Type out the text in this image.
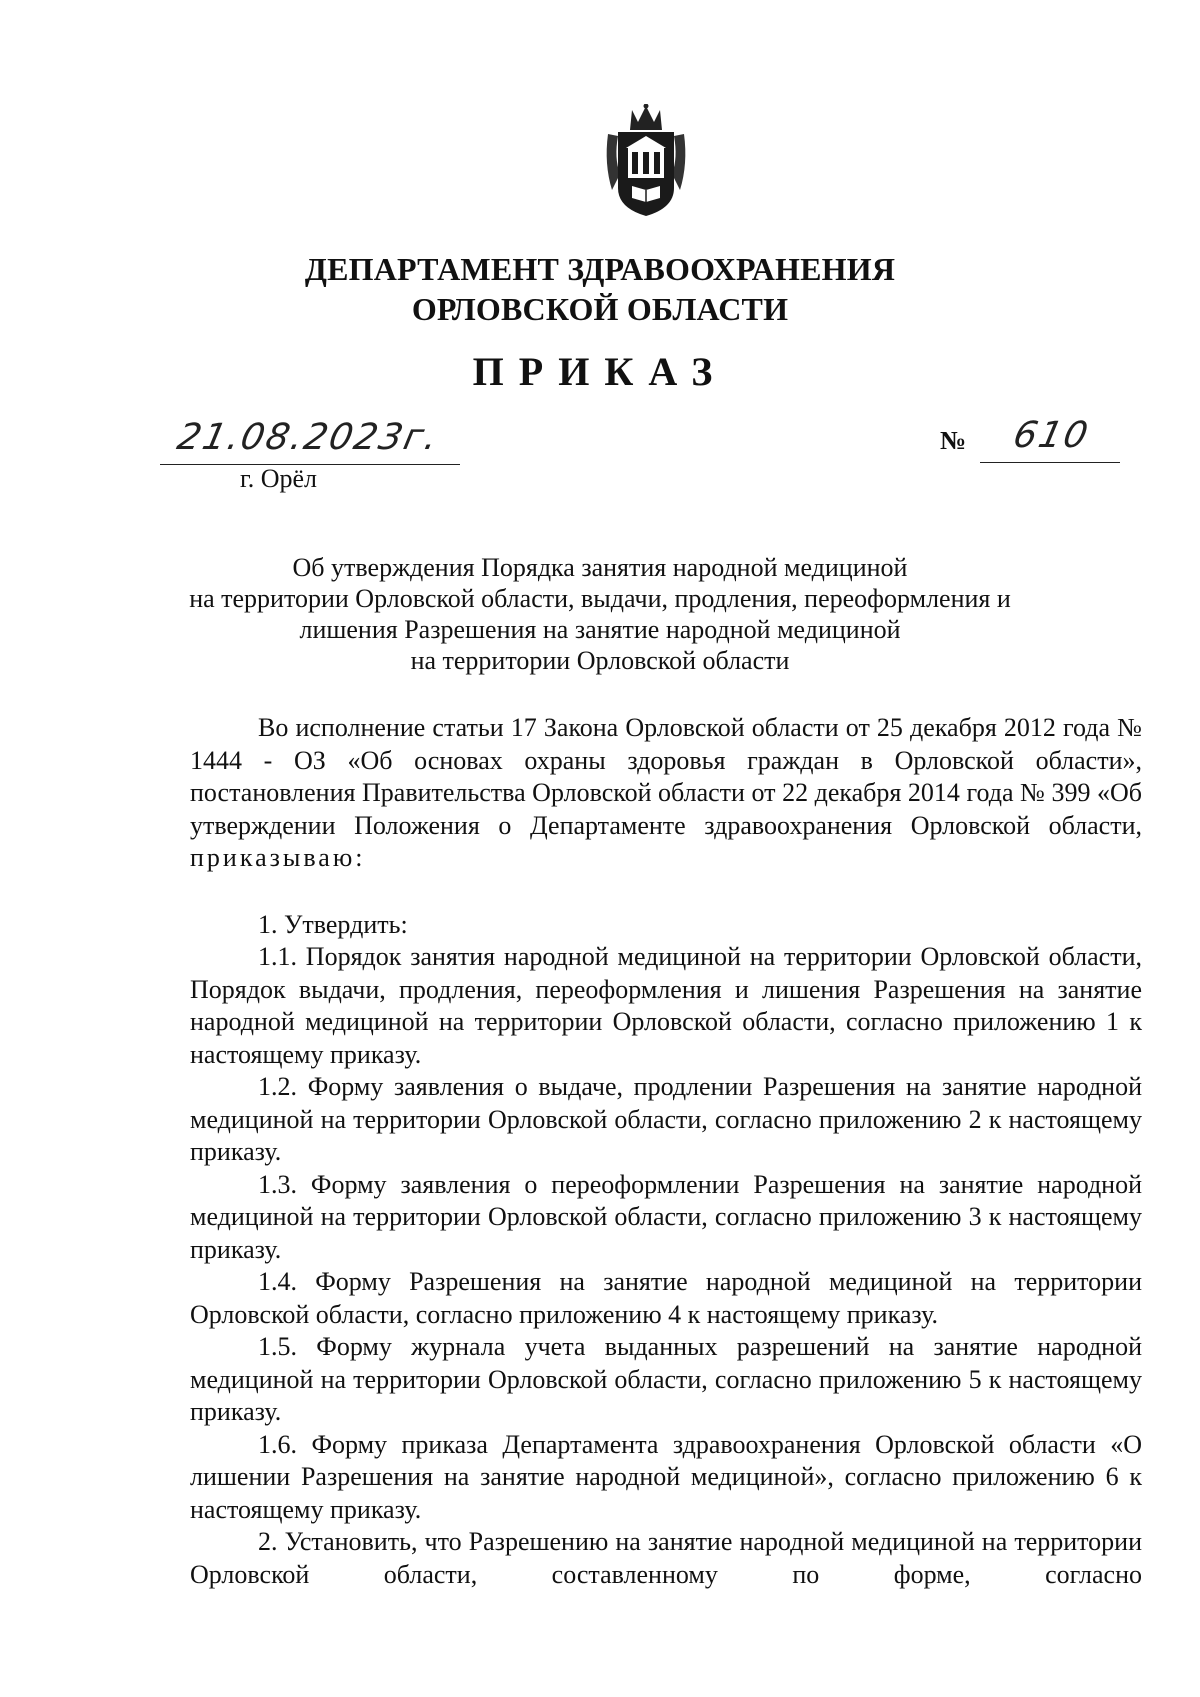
ДЕПАРТАМЕНТ ЗДРАВООХРАНЕНИЯ
ОРЛОВСКОЙ ОБЛАСТИ
ПРИКАЗ
21.08.2023г.
г. Орёл
№ 610
Об утверждения Порядка занятия народной медициной
на территории Орловской области, выдачи, продления, переоформления и
лишения Разрешения на занятие народной медициной
на территории Орловской области

Во исполнение статьи 17 Закона Орловской области от 25 декабря 2012 года № 1444 - ОЗ «Об основах охраны здоровья граждан в Орловской области», постановления Правительства Орловской области от 22 декабря 2014 года № 399 «Об утверждении Положения о Департаменте здравоохранения Орловской области, приказываю:

1. Утвердить:

1.1. Порядок занятия народной медициной на территории Орловской области, Порядок выдачи, продления, переоформления и лишения Разрешения на занятие народной медициной на территории Орловской области, согласно приложению 1 к настоящему приказу.

1.2. Форму заявления о выдаче, продлении Разрешения на занятие народной медициной на территории Орловской области, согласно приложению 2 к настоящему приказу.

1.3. Форму заявления о переоформлении Разрешения на занятие народной медициной на территории Орловской области, согласно приложению 3 к настоящему приказу.

1.4. Форму Разрешения на занятие народной медициной на территории Орловской области, согласно приложению 4 к настоящему приказу.

1.5. Форму журнала учета выданных разрешений на занятие народной медициной на территории Орловской области, согласно приложению 5 к настоящему приказу.

1.6. Форму приказа Департамента здравоохранения Орловской области «О лишении Разрешения на занятие народной медициной», согласно приложению 6 к настоящему приказу.

2. Установить, что Разрешению на занятие народной медициной на территории Орловской области, составленному по форме, согласно
